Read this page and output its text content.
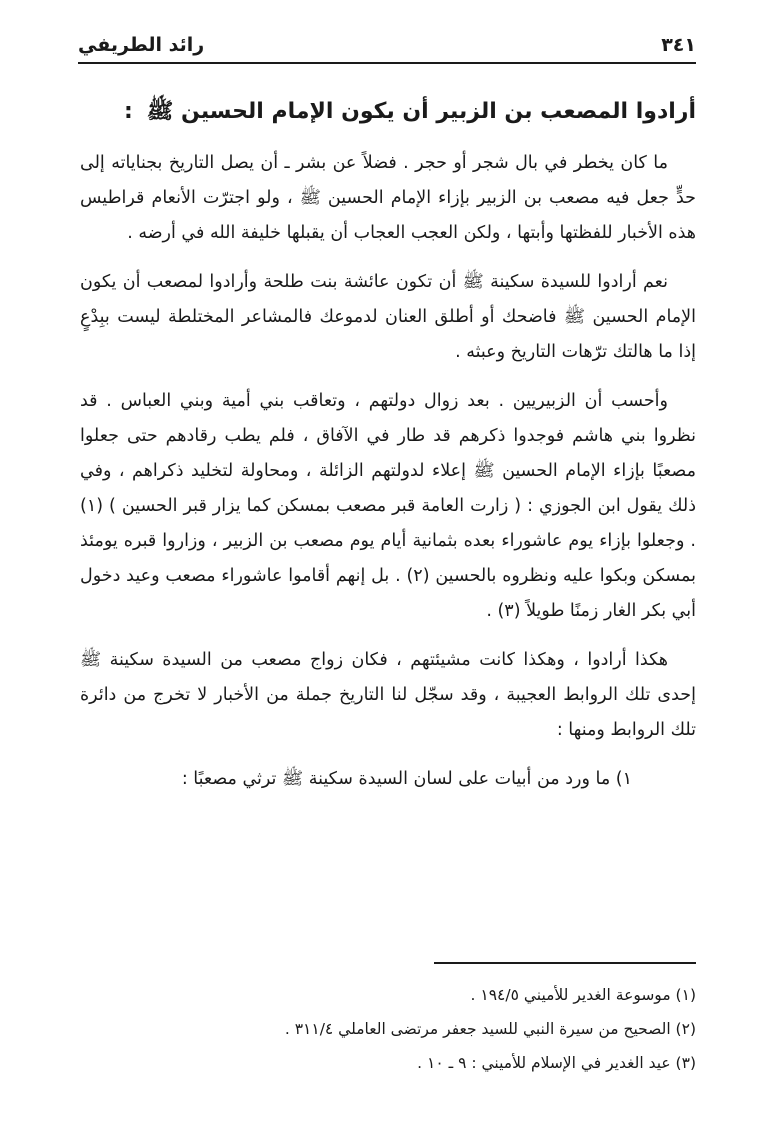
٣٤١
رائد الطريفي
أرادوا المصعب بن الزبير أن يكون الإمام الحسين ﷺ:

ما كان يخطر في بال شجر أو حجر . فضلاً عن بشر ـ أن يصل التاريخ بجناياته إلى حدٍّ جعل فيه مصعب بن الزبير بإزاء الإمام الحسين ﷺ ، ولو اجترّت الأنعام قراطيس هذه الأخبار للفظتها وأبتها ، ولكن العجب العجاب أن يقبلها خليفة الله في أرضه .

نعم أرادوا للسيدة سكينة ﷺ أن تكون عائشة بنت طلحة وأرادوا لمصعب أن يكون الإمام الحسين ﷺ فاضحك أو أطلق العنان لدموعك فالمشاعر المختلطة ليست ببِدْعٍ إذا ما هالتك ترّهات التاريخ وعبثه .

وأحسب أن الزبيريين . بعد زوال دولتهم ، وتعاقب بني أمية وبني العباس . قد نظروا بني هاشم فوجدوا ذكرهم قد طار في الآفاق ، فلم يطب رقادهم حتى جعلوا مصعبًا بإزاء الإمام الحسين ﷺ إعلاء لدولتهم الزائلة ، ومحاولة لتخليد ذكراهم ، وفي ذلك يقول ابن الجوزي : ( زارت العامة قبر مصعب بمسكن كما يزار قبر الحسين ) (١) . وجعلوا بإزاء يوم عاشوراء بعده بثمانية أيام يوم مصعب بن الزبير ، وزاروا قبره يومئذ بمسكن وبكوا عليه ونظروه بالحسين (٢) . بل إنهم أقاموا عاشوراء مصعب وعيد دخول أبي بكر الغار زمنًا طويلاً (٣) .

هكذا أرادوا ، وهكذا كانت مشيئتهم ، فكان زواج مصعب من السيدة سكينة ﷺ إحدى تلك الروابط العجيبة ، وقد سجّل لنا التاريخ جملة من الأخبار لا تخرج من دائرة تلك الروابط ومنها :

١) ما ورد من أبيات على لسان السيدة سكينة ﷺ ترثي مصعبًا :

(١) موسوعة الغدير للأميني ١٩٤/٥ .
(٢) الصحيح من سيرة النبي للسيد جعفر مرتضى العاملي ٣١١/٤ .
(٣) عيد الغدير في الإسلام للأميني : ٩ ـ ١٠ .
